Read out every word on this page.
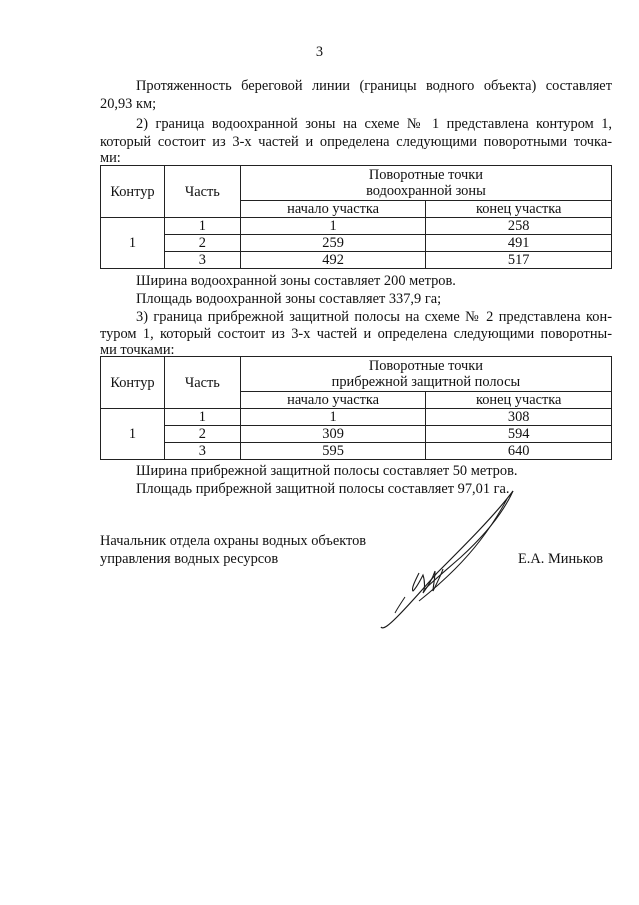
3
Протяженность береговой линии (границы водного объекта) составляет
20,93 км;
2) граница водоохранной зоны на схеме № 1 представлена контуром 1,
который состоит из 3-х частей и определена следующими поворотными точка-
ми:
Контур	Часть	Поворотные точки
водоохранной зоны	

		начало участка	конец участка
1	1	1	258
	2	259	491
	3	492	517
Ширина водоохранной зоны составляет 200 метров.
Площадь водоохранной зоны составляет 337,9 га;
3) граница прибрежной защитной полосы на схеме № 2 представлена кон-
туром 1, который состоит из 3-х частей и определена следующими поворотны-
ми точками:
Контур	Часть	Поворотные точки
прибрежной защитной полосы	

		начало участка	конец участка
1	1	1	308
	2	309	594
	3	595	640
Ширина прибрежной защитной полосы составляет 50 метров.
Площадь прибрежной защитной полосы составляет 97,01 га.
Начальник отдела охраны водных объектов
управления водных ресурсов	Е.А. Миньков
